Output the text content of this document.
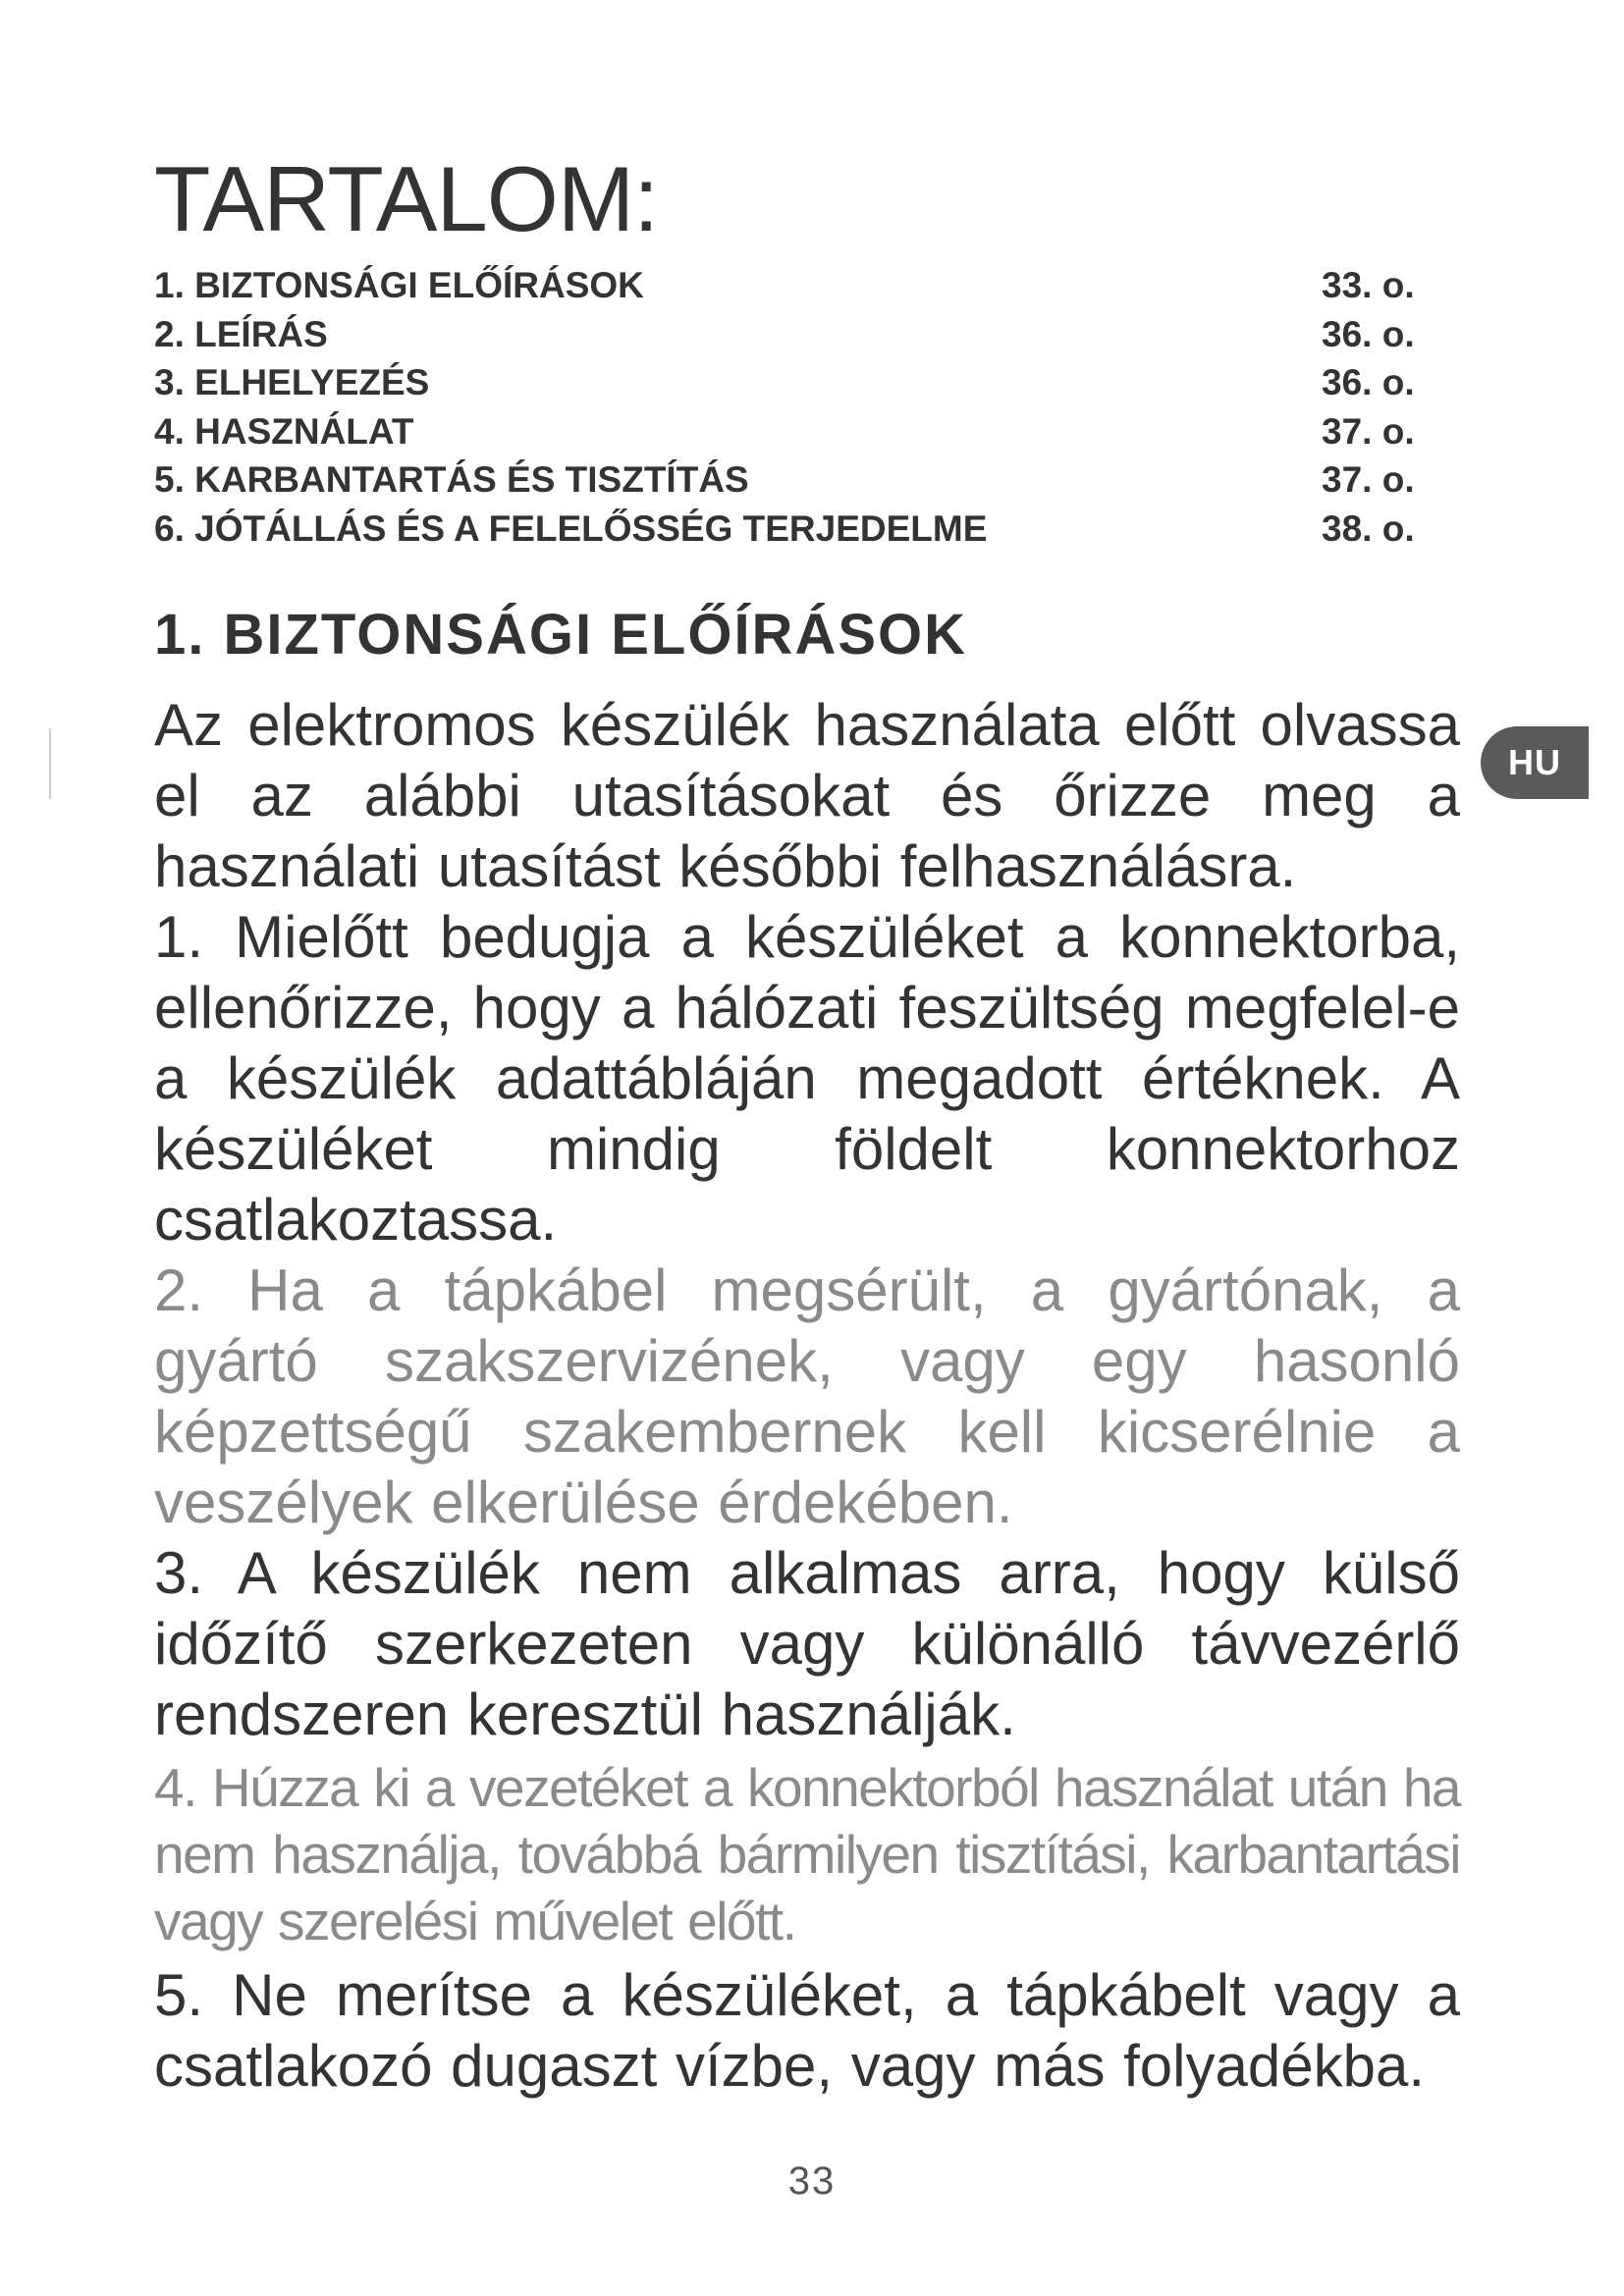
TARTALOM:
1. BIZTONSÁGI ELŐÍRÁSOK	33. o.
2. LEÍRÁS	36. o.
3. ELHELYEZÉS	36. o.
4. HASZNÁLAT	37. o.
5. KARBANTARTÁS ÉS TISZTÍTÁS	37. o.
6. JÓTÁLLÁS ÉS A FELELŐSSÉG TERJEDELME	38. o.
1. BIZTONSÁGI ELŐÍRÁSOK

Az elektromos készülék használata előtt olvassa el az alábbi utasításokat és őrizze meg a használati utasítást későbbi felhasználásra.

1. Mielőtt bedugja a készüléket a konnektorba, ellenőrizze, hogy a hálózati feszültség megfelel-e a készülék adattábláján megadott értéknek. A készüléket mindig földelt konnektorhoz csatlakoztassa.

2. Ha a tápkábel megsérült, a gyártónak, a gyártó szakszervizének, vagy egy hasonló képzettségű szakembernek kell kicserélnie a veszélyek elkerülése érdekében.

3. A készülék nem alkalmas arra, hogy külső időzítő szerkezeten vagy különálló távvezérlő rendszeren keresztül használják.

4. Húzza ki a vezetéket a konnektorból használat után ha nem használja, továbbá bármilyen tisztítási, karbantartási vagy szerelési művelet előtt.

5. Ne merítse a készüléket, a tápkábelt vagy a csatlakozó dugaszt vízbe, vagy más folyadékba.

HU
33
